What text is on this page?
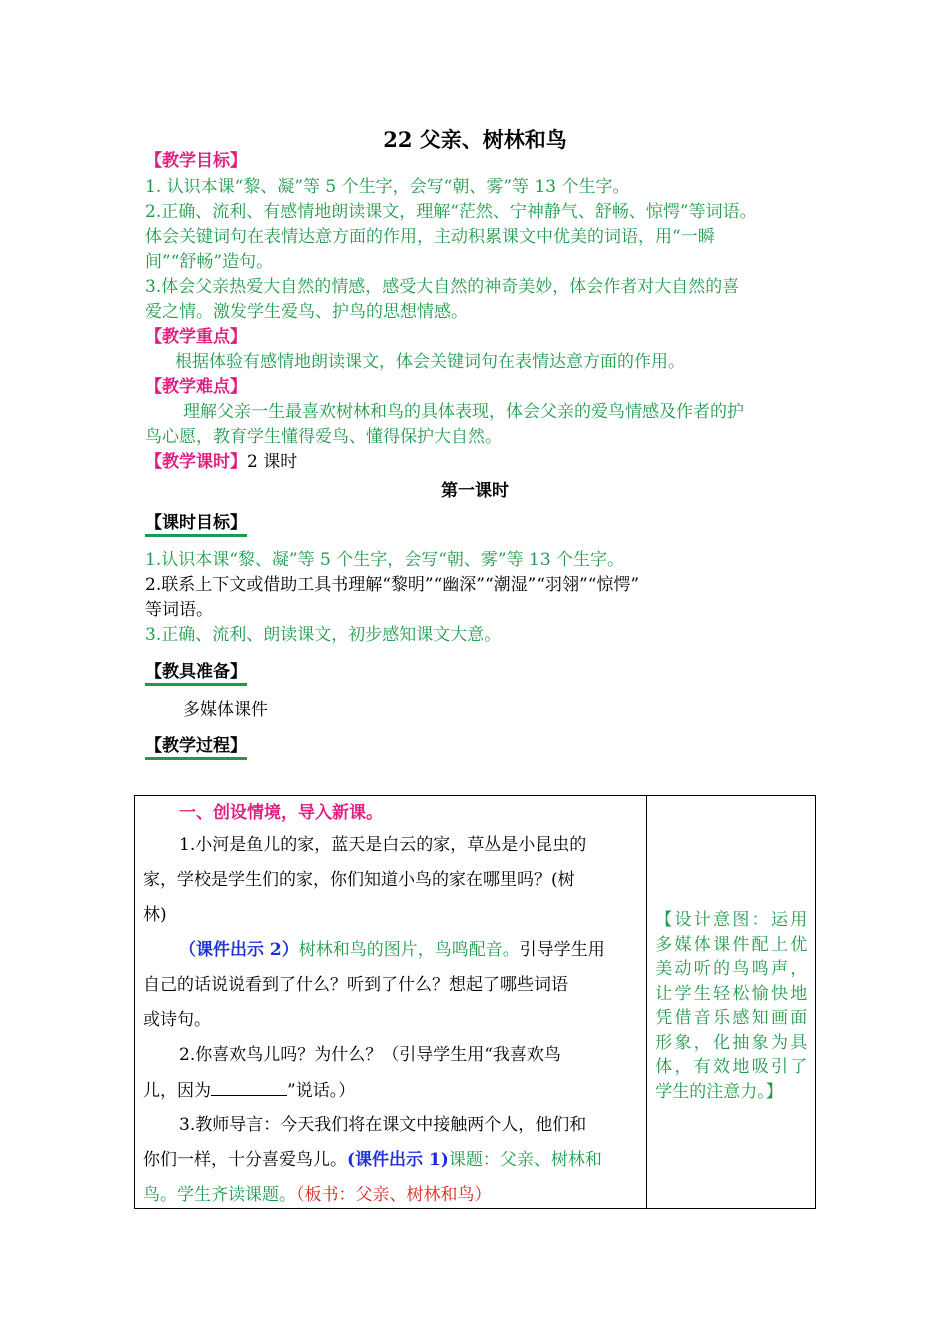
22 父亲、树林和鸟
【教学目标】
1. 认识本课“黎、凝”等 5 个生字，会写“朝、雾”等 13 个生字。
2.正确、流利、有感情地朗读课文，理解“茫然、宁神静气、舒畅、惊愕”等词语。
体会关键词句在表情达意方面的作用，主动积累课文中优美的词语，用“一瞬
间”“舒畅”造句。
3.体会父亲热爱大自然的情感，感受大自然的神奇美妙，体会作者对大自然的喜
爱之情。激发学生爱鸟、护鸟的思想情感。
【教学重点】
根据体验有感情地朗读课文，体会关键词句在表情达意方面的作用。
【教学难点】
理解父亲一生最喜欢树林和鸟的具体表现，体会父亲的爱鸟情感及作者的护
鸟心愿，教育学生懂得爱鸟、懂得保护大自然。
【教学课时】2 课时
第一课时
【课时目标】
1.认识本课“黎、凝”等 5 个生字，会写“朝、雾”等 13 个生字。
2.联系上下文或借助工具书理解“黎明”“幽深”“潮湿”“羽翎”“惊愕”
等词语。
3.正确、流利、朗读课文，初步感知课文大意。
【教具准备】
多媒体课件
【教学过程】
一、创设情境，导入新课。
1.小河是鱼儿的家，蓝天是白云的家，草丛是小昆虫的
家，学校是学生们的家，你们知道小鸟的家在哪里吗？(树
林)
（课件出示 2）树林和鸟的图片，鸟鸣配音。引导学生用
自己的话说说看到了什么？听到了什么？想起了哪些词语
或诗句。
2.你喜欢鸟儿吗？为什么？（引导学生用“我喜欢鸟
儿，因为	”说话。）
3.教师导言：今天我们将在课文中接触两个人，他们和
你们一样，十分喜爱鸟儿。(课件出示 1)课题：父亲、树林和
鸟。学生齐读课题。（板书：父亲、树林和鸟）

【设计意图：运用多媒体课件配上优美动听的鸟鸣声，让学生轻松愉快地凭借音乐感知画面形象，化抽象为具体，有效地吸引了学生的注意力。】
